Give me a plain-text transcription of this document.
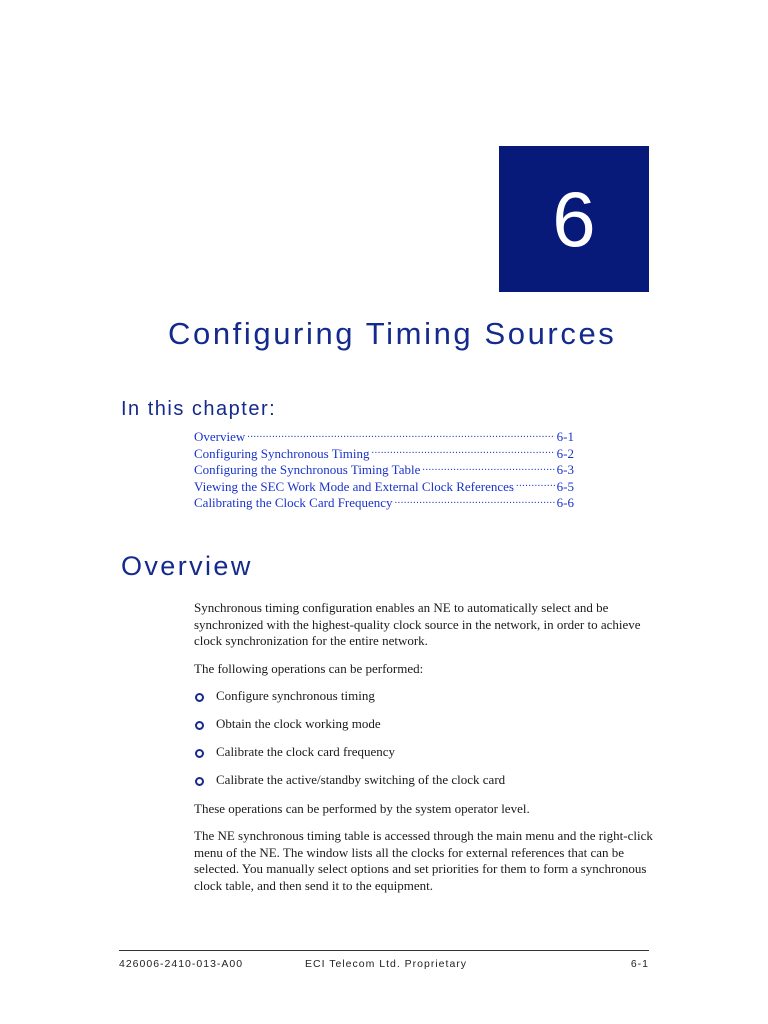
6
Configuring Timing Sources
In this chapter:
Overview .....	6-1
Configuring Synchronous Timing .....	6-2
Configuring the Synchronous Timing Table .....	6-3
Viewing the SEC Work Mode and External Clock References .....	6-5
Calibrating the Clock Card Frequency .....	6-6
Overview

Synchronous timing configuration enables an NE to automatically select and be synchronized with the highest-quality clock source in the network, in order to achieve clock synchronization for the entire network.

The following operations can be performed:

Configure synchronous timing
Obtain the clock working mode
Calibrate the clock card frequency
Calibrate the active/standby switching of the clock card

These operations can be performed by the system operator level.

The NE synchronous timing table is accessed through the main menu and the right-click menu of the NE. The window lists all the clocks for external references that can be selected. You manually select options and set priorities for them to form a synchronous clock table, and then send it to the equipment.

426006-2410-013-A00	ECI Telecom Ltd. Proprietary	6-1
